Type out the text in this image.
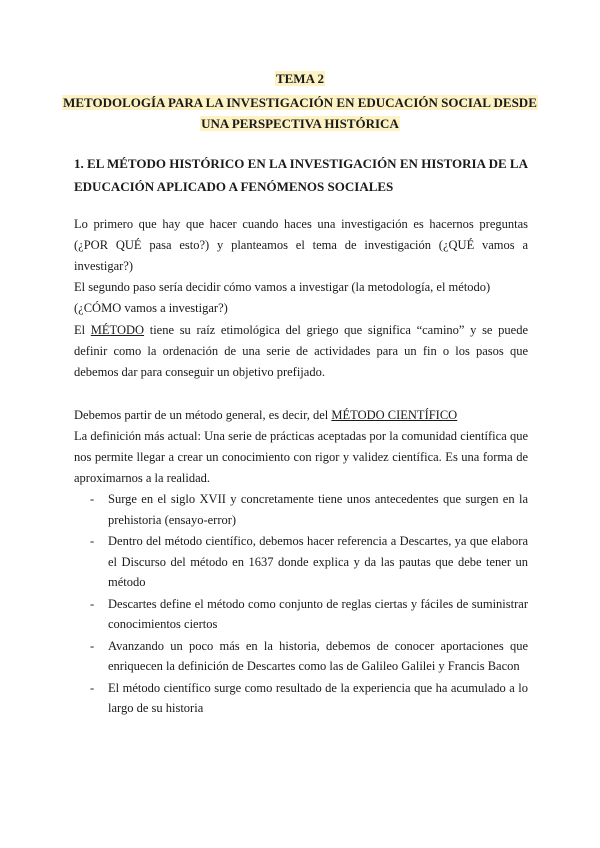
TEMA 2
METODOLOGÍA PARA LA INVESTIGACIÓN EN EDUCACIÓN SOCIAL DESDE
UNA PERSPECTIVA HISTÓRICA
1. EL MÉTODO HISTÓRICO EN LA INVESTIGACIÓN EN HISTORIA DE LA EDUCACIÓN APLICADO A FENÓMENOS SOCIALES
Lo primero que hay que hacer cuando haces una investigación es hacernos preguntas (¿POR QUÉ pasa esto?) y planteamos el tema de investigación (¿QUÉ vamos a investigar?)
El segundo paso sería decidir cómo vamos a investigar (la metodología, el método) (¿CÓMO vamos a investigar?)
El MÉTODO tiene su raíz etimológica del griego que significa “camino” y se puede definir como la ordenación de una serie de actividades para un fin o los pasos que debemos dar para conseguir un objetivo prefijado.
Debemos partir de un método general, es decir, del MÉTODO CIENTÍFICO
La definición más actual: Una serie de prácticas aceptadas por la comunidad científica que nos permite llegar a crear un conocimiento con rigor y validez científica. Es una forma de aproximarnos a la realidad.
- Surge en el siglo XVII y concretamente tiene unos antecedentes que surgen en la prehistoria (ensayo-error)
- Dentro del método científico, debemos hacer referencia a Descartes, ya que elabora el Discurso del método en 1637 donde explica y da las pautas que debe tener un método
- Descartes define el método como conjunto de reglas ciertas y fáciles de suministrar conocimientos ciertos
- Avanzando un poco más en la historia, debemos de conocer aportaciones que enriquecen la definición de Descartes como las de Galileo Galilei y Francis Bacon
- El método científico surge como resultado de la experiencia que ha acumulado a lo largo de su historia
